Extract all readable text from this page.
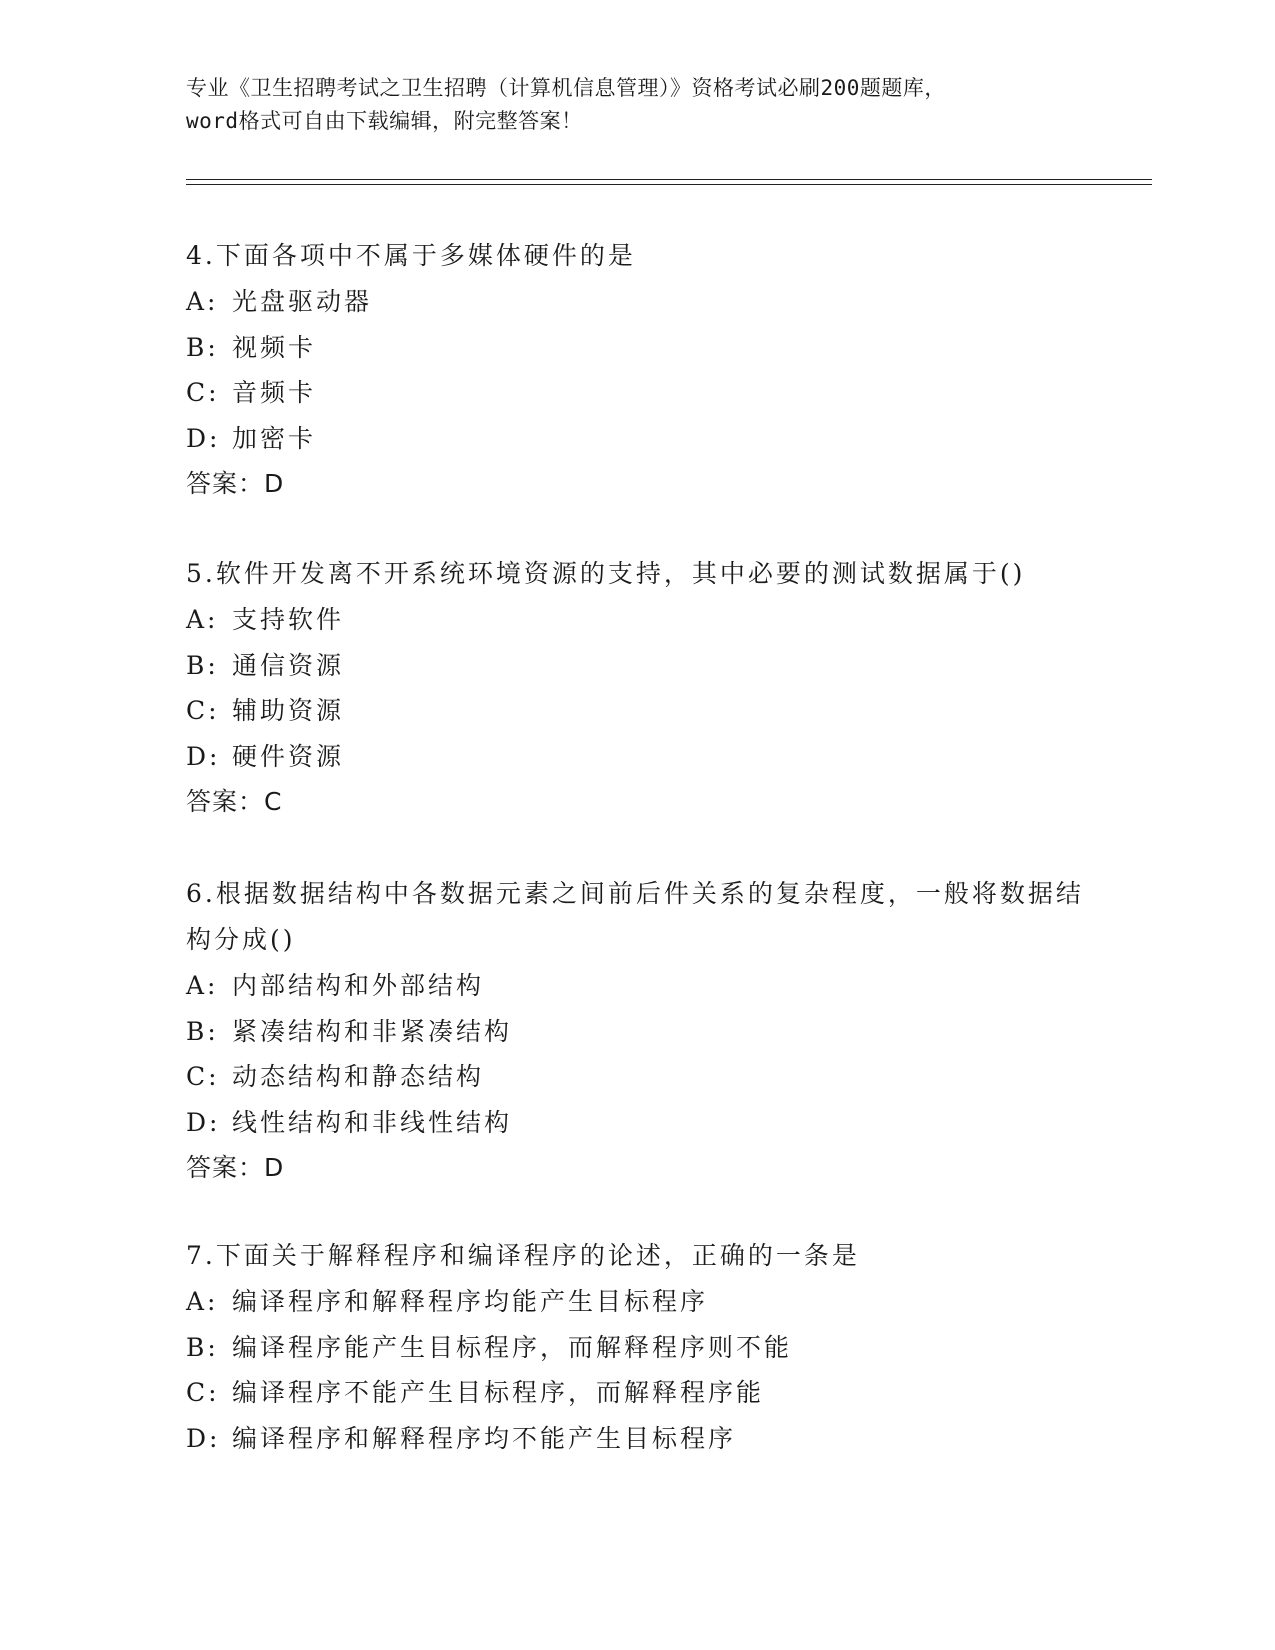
专业《卫生招聘考试之卫生招聘（计算机信息管理）》资格考试必刷200题题库，
word格式可自由下载编辑，附完整答案！
4.下面各项中不属于多媒体硬件的是
A: 光盘驱动器
B: 视频卡
C: 音频卡
D: 加密卡
答案：D
5.软件开发离不开系统环境资源的支持，其中必要的测试数据属于()
A: 支持软件
B: 通信资源
C: 辅助资源
D: 硬件资源
答案：C
6.根据数据结构中各数据元素之间前后件关系的复杂程度，一般将数据结构分成()
A: 内部结构和外部结构
B: 紧凑结构和非紧凑结构
C: 动态结构和静态结构
D: 线性结构和非线性结构
答案：D
7.下面关于解释程序和编译程序的论述，正确的一条是
A: 编译程序和解释程序均能产生目标程序
B: 编译程序能产生目标程序，而解释程序则不能
C: 编译程序不能产生目标程序，而解释程序能
D: 编译程序和解释程序均不能产生目标程序
